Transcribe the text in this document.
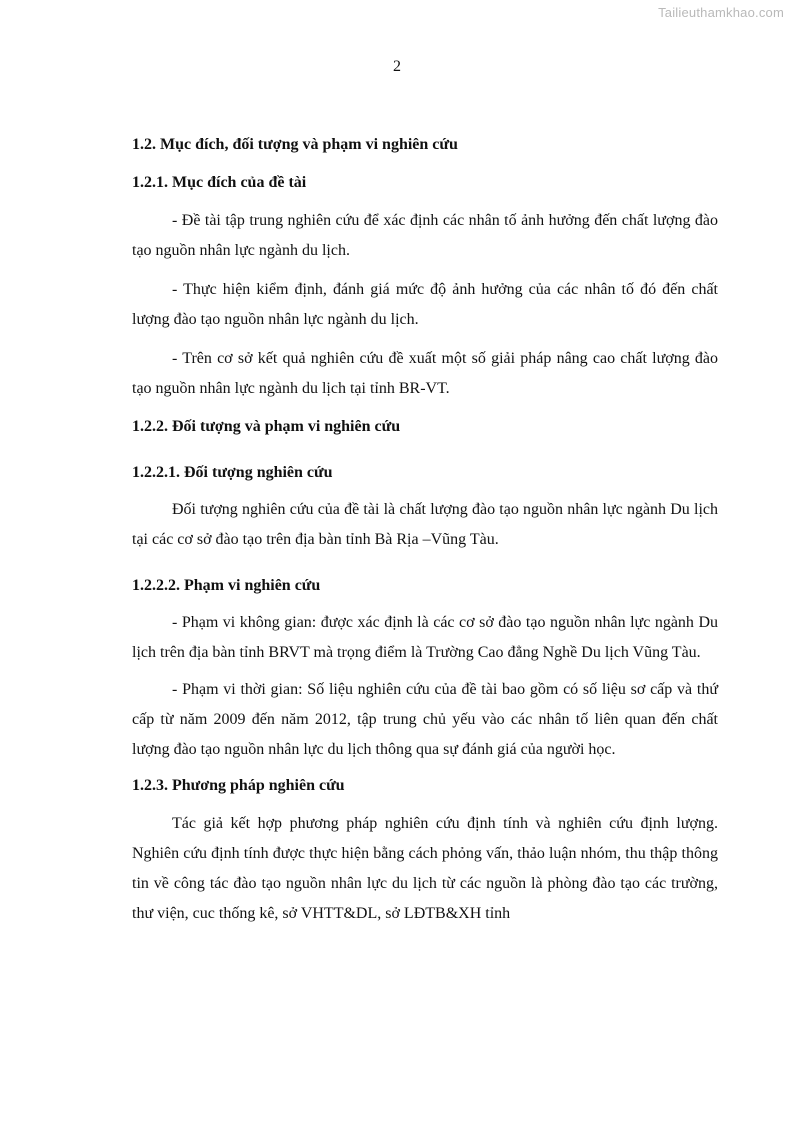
Tailieuthamkhao.com
2

1.2. Mục đích, đối tượng và phạm vi nghiên cứu

1.2.1. Mục đích của đề tài

- Đề tài tập trung nghiên cứu để xác định các nhân tố ảnh hưởng đến chất lượng đào tạo nguồn nhân lực ngành du lịch.

- Thực hiện kiểm định, đánh giá mức độ ảnh hưởng của các nhân tố đó đến chất lượng đào tạo nguồn nhân lực ngành du lịch.

- Trên cơ sở kết quả nghiên cứu đề xuất một số giải pháp nâng cao chất lượng đào tạo nguồn nhân lực ngành du lịch tại tỉnh BR-VT.

1.2.2. Đối tượng và phạm vi nghiên cứu

1.2.2.1. Đối tượng nghiên cứu

Đối tượng nghiên cứu của đề tài là chất lượng đào tạo nguồn nhân lực ngành Du lịch tại các cơ sở đào tạo trên địa bàn tỉnh Bà Rịa –Vũng Tàu.

1.2.2.2. Phạm vi nghiên cứu

- Phạm vi không gian: được xác định là các cơ sở đào tạo nguồn nhân lực ngành Du lịch trên địa bàn tỉnh BRVT mà trọng điểm là Trường Cao đẳng Nghề Du lịch Vũng Tàu.

- Phạm vi thời gian: Số liệu nghiên cứu của đề tài bao gồm có số liệu sơ cấp và thứ cấp từ năm 2009 đến năm 2012, tập trung chủ yếu vào các nhân tố liên quan đến chất lượng đào tạo nguồn nhân lực du lịch thông qua sự đánh giá của người học.

1.2.3. Phương pháp nghiên cứu

Tác giả kết hợp phương pháp nghiên cứu định tính và nghiên cứu định lượng. Nghiên cứu định tính được thực hiện bằng cách phỏng vấn, thảo luận nhóm, thu thập thông tin về công tác đào tạo nguồn nhân lực du lịch từ các nguồn là phòng đào tạo các trường, thư viện, cuc thống kê, sở VHTT&DL, sở LĐTB&XH tỉnh
